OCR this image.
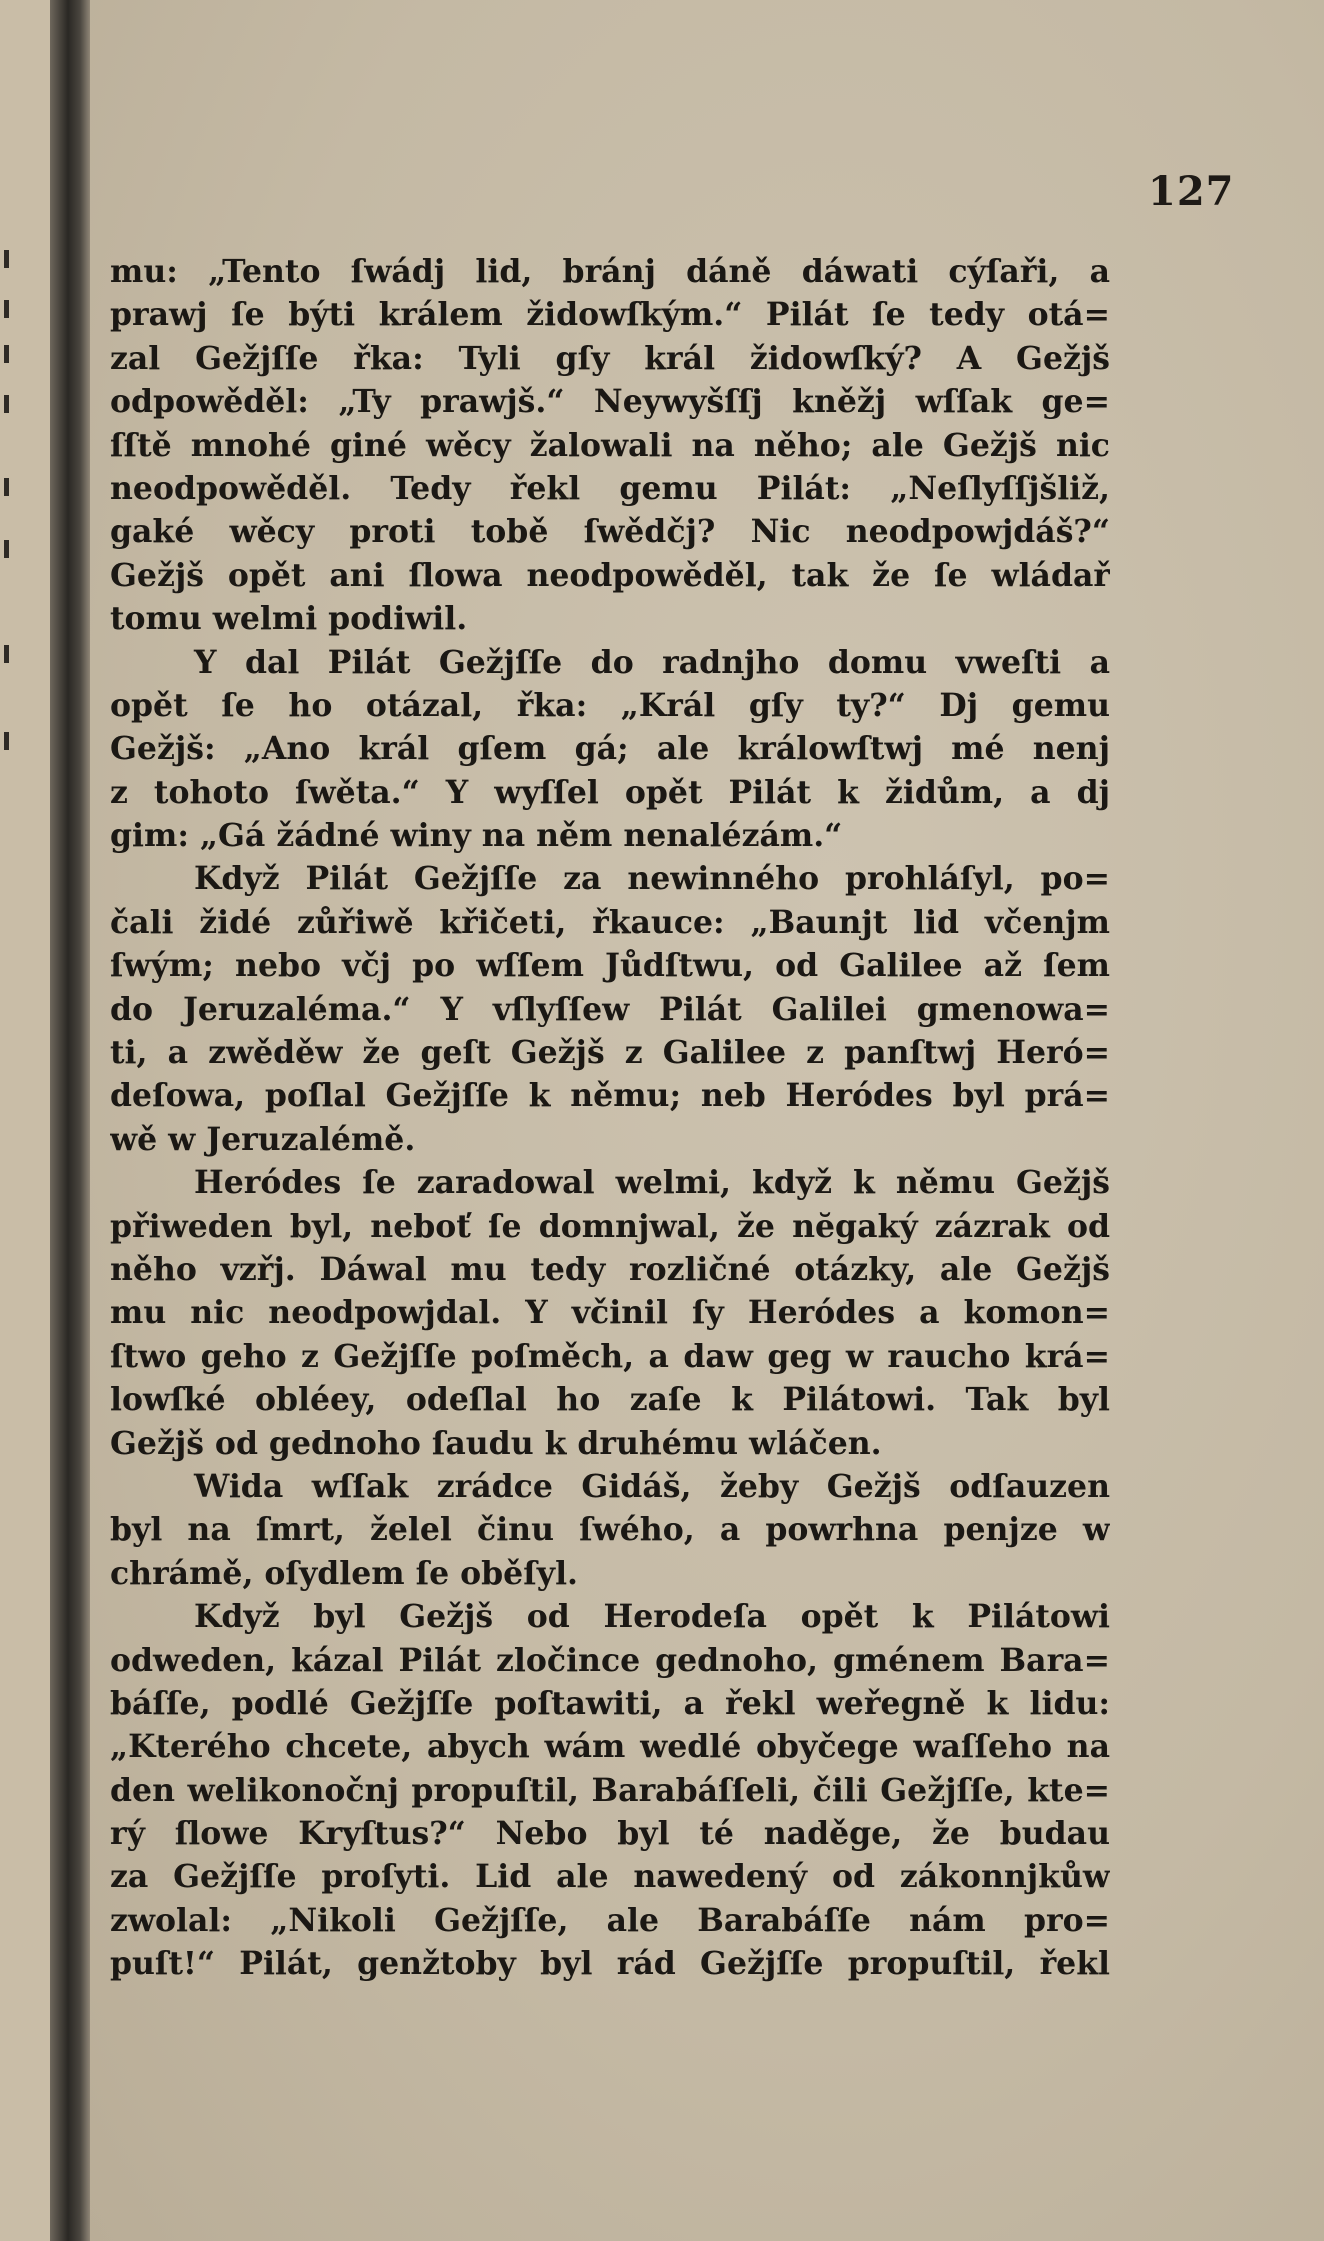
127
mu: „Tento ſwádj lid, bránj dáně dáwati cýſaři, a
prawj ſe býti králem židowſkým.“ Pilát ſe tedy otá=
zal Gežjſſe řka: Tyli gſy král židowſký? A Gežjš
odpowěděl: „Ty prawjš.“ Neywyšſſj kněžj wſſak ge=
ſſtě mnohé giné wěcy žalowali na něho; ale Gežjš nic
neodpowěděl. Tedy řekl gemu Pilát: „Neſlyſſjšliž,
gaké wěcy proti tobě ſwědčj? Nic neodpowjdáš?“
Gežjš opět ani ſlowa neodpowěděl, tak že ſe wládař
tomu welmi podiwil.
Y dal Pilát Gežjſſe do radnjho domu vweſti a
opět ſe ho otázal, řka: „Král gſy ty?“ Dj gemu
Gežjš: „Ano král gſem gá; ale králowſtwj mé nenj
z tohoto ſwěta.“ Y wyſſel opět Pilát k židům, a dj
gim: „Gá žádné winy na něm nenalézám.“
Když Pilát Gežjſſe za newinného prohláſyl, po=
čali židé zůřiwě křičeti, řkauce: „Baunjt lid včenjm
ſwým; nebo včj po wſſem Jůdſtwu, od Galilee až ſem
do Jeruzaléma.“ Y vſlyſſew Pilát Galilei gmenowa=
ti, a zwěděw že geſt Gežjš z Galilee z panſtwj Heró=
deſowa, poſlal Gežjſſe k němu; neb Heródes byl prá=
wě w Jeruzalémě.
Heródes ſe zaradowal welmi, když k němu Gežjš
přiweden byl, neboť ſe domnjwal, že nĕgaký zázrak od
něho vzřj. Dáwal mu tedy rozličné otázky, ale Gežjš
mu nic neodpowjdal. Y včinil ſy Heródes a komon=
ſtwo geho z Gežjſſe poſměch, a daw geg w raucho krá=
lowſké obléey, odeſlal ho zaſe k Pilátowi. Tak byl
Gežjš od gednoho ſaudu k druhému wláčen.
Wida wſſak zrádce Gidáš, žeby Gežjš odſauzen
byl na ſmrt, želel činu ſwého, a powrhna penjze w
chrámě, oſydlem ſe oběſyl.
Když byl Gežjš od Herodeſa opět k Pilátowi
odweden, kázal Pilát zločince gednoho, gménem Bara=
báſſe, podlé Gežjſſe poſtawiti, a řekl weřegně k lidu:
„Kterého chcete, abych wám wedlé obyčege waſſeho na
den welikonočnj propuſtil, Barabáſſeli, čili Gežjſſe, kte=
rý ſlowe Kryſtus?“ Nebo byl té naděge, že budau
za Gežjſſe proſyti. Lid ale nawedený od zákonnjkůw
zwolal: „Nikoli Gežjſſe, ale Barabáſſe nám pro=
puſt!“ Pilát, genžtoby byl rád Gežjſſe propuſtil, řekl
